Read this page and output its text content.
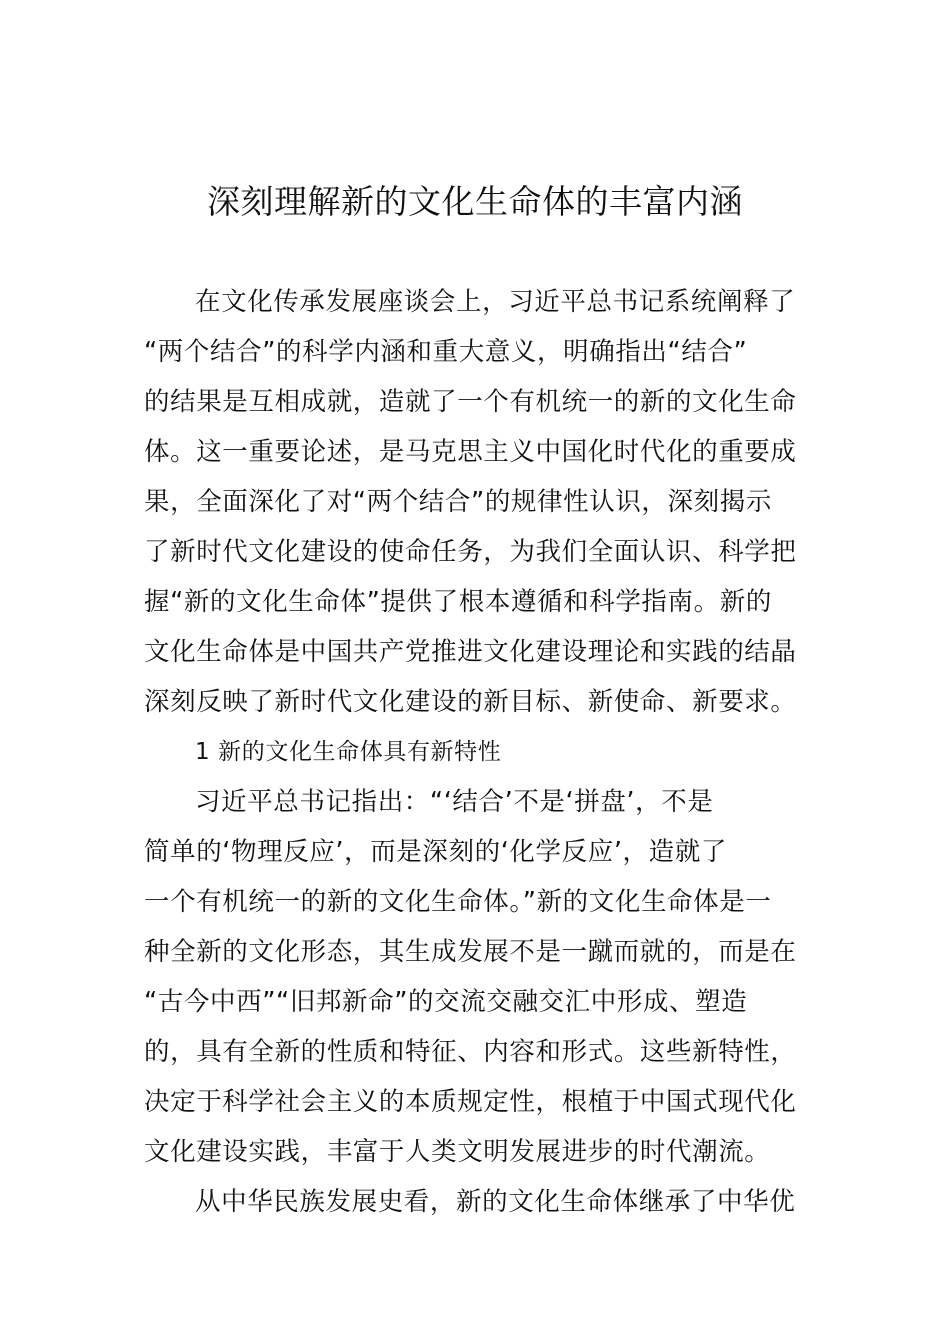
深刻理解新的文化生命体的丰富内涵
在文化传承发展座谈会上，习近平总书记系统阐释了
“两个结合”的科学内涵和重大意义，明确指出“结合”
的结果是互相成就，造就了一个有机统一的新的文化生命
体。这一重要论述，是马克思主义中国化时代化的重要成
果，全面深化了对“两个结合”的规律性认识，深刻揭示
了新时代文化建设的使命任务，为我们全面认识、科学把
握“新的文化生命体”提供了根本遵循和科学指南。新的
文化生命体是中国共产党推进文化建设理论和实践的结晶
深刻反映了新时代文化建设的新目标、新使命、新要求。
1 新的文化生命体具有新特性
习近平总书记指出：“‘结合’不是‘拼盘’，不是
简单的‘物理反应’，而是深刻的‘化学反应’，造就了
一个有机统一的新的文化生命体。”新的文化生命体是一
种全新的文化形态，其生成发展不是一蹴而就的，而是在
“古今中西”“旧邦新命”的交流交融交汇中形成、塑造
的，具有全新的性质和特征、内容和形式。这些新特性，
决定于科学社会主义的本质规定性，根植于中国式现代化
文化建设实践，丰富于人类文明发展进步的时代潮流。
从中华民族发展史看，新的文化生命体继承了中华优
